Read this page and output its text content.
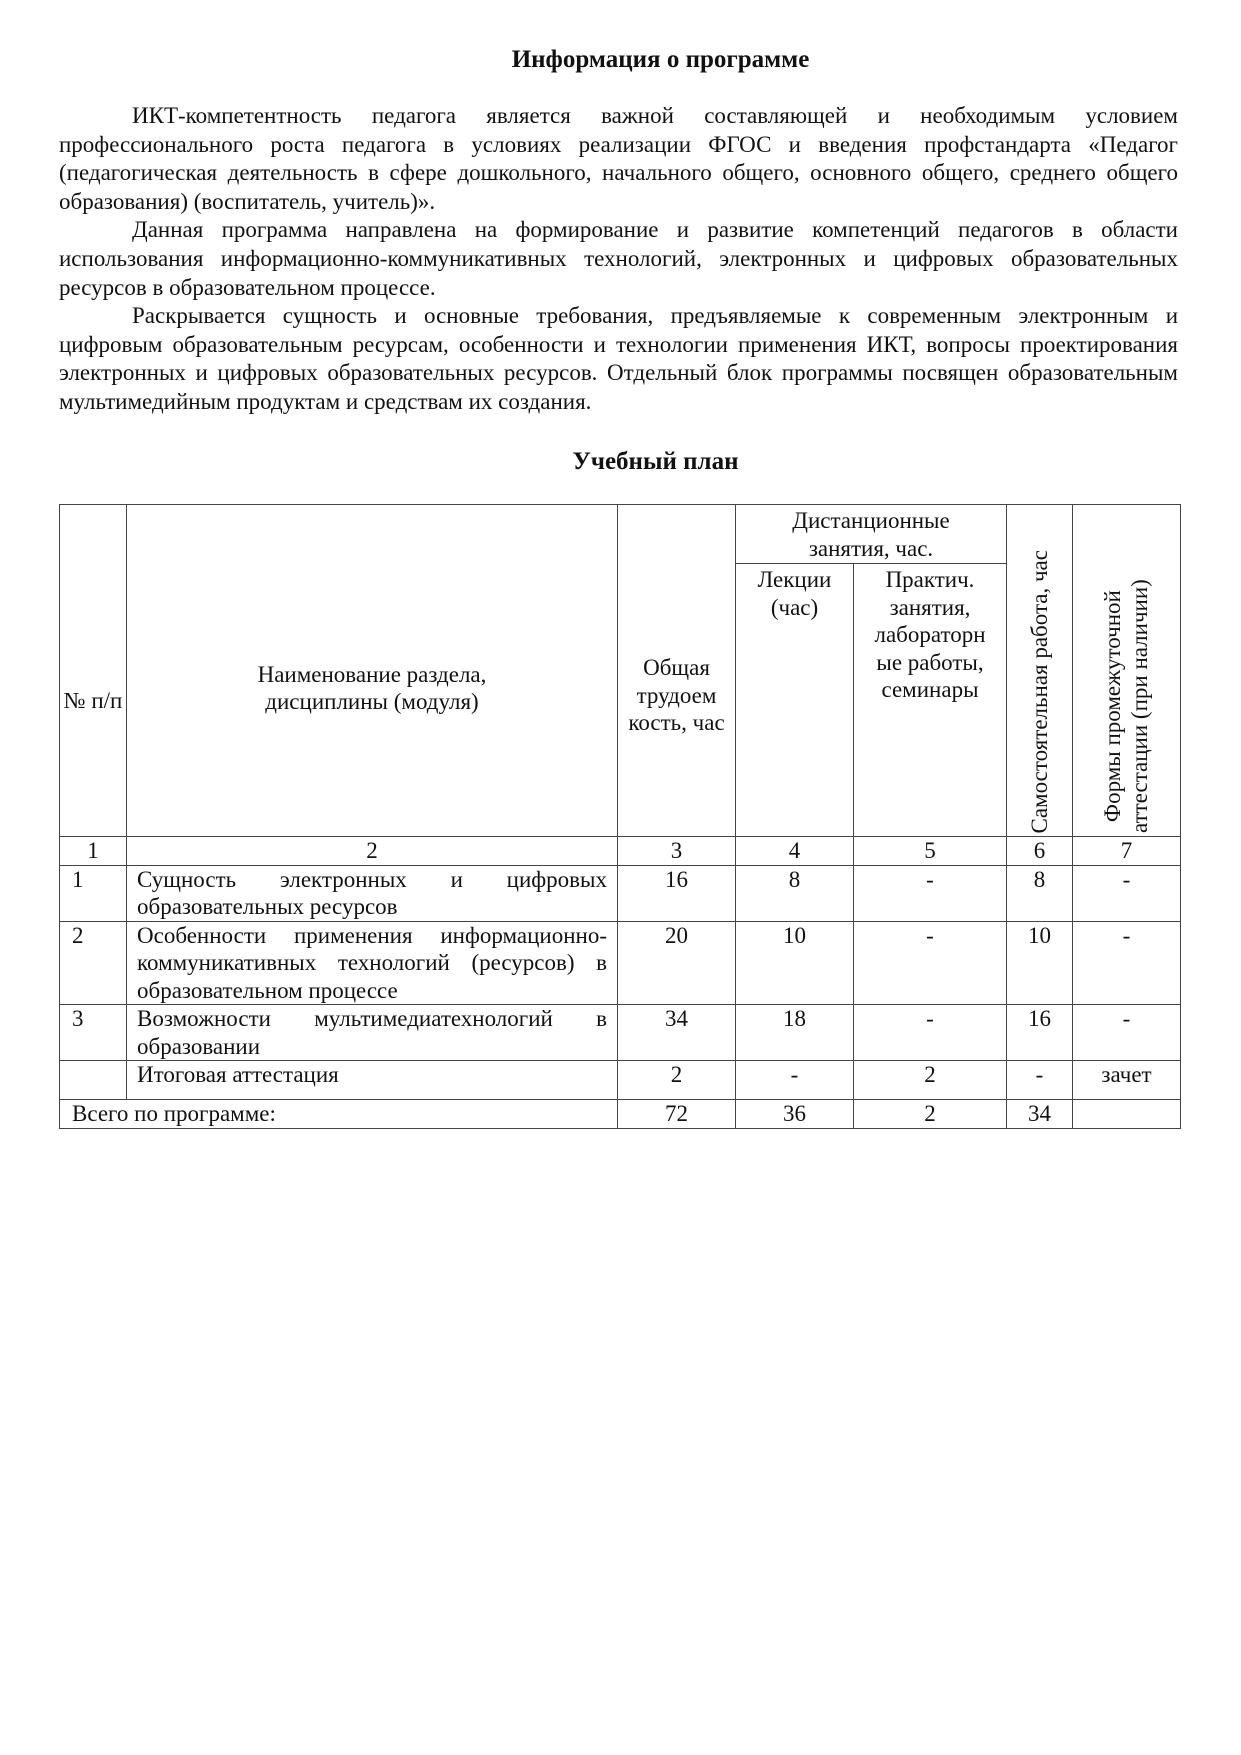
Информация о программе

ИКТ-компетентность педагога является важной составляющей и необходимым условием профессионального роста педагога в условиях реализации ФГОС и введения профстандарта «Педагог (педагогическая деятельность в сфере дошкольного, начального общего, основного общего, среднего общего образования) (воспитатель, учитель)».

Данная программа направлена на формирование и развитие компетенций педагогов в области использования информационно-коммуникативных технологий, электронных и цифровых образовательных ресурсов в образовательном процессе.

Раскрывается сущность и основные требования, предъявляемые к современным электронным и цифровым образовательным ресурсам, особенности и технологии применения ИКТ, вопросы проектирования электронных и цифровых образовательных ресурсов. Отдельный блок программы посвящен образовательным мультимедийным продуктам и средствам их создания.

Учебный план
№ п/п	Наименование раздела, дисциплины (модуля)	Общая трудоем кость, час	Дистанционные занятия, час.		Самостоятельная работа, час	Формы промежуточной аттестации (при наличии)

			Лекции (час)	Практич. занятия, лабораторн ые работы, семинары		
1	2	3	4	5	6	7
1	Сущность электронных и цифровых образовательных ресурсов	16	8	-	8	-
2	Особенности применения информационно-коммуникативных технологий (ресурсов) в образовательном процессе	20	10	-	10	-
3	Возможности мультимедиатехнологий в образовании	34	18	-	16	-
	Итоговая аттестация	2	-	2	-	зачет
Всего по программе:		72	36	2	34	
